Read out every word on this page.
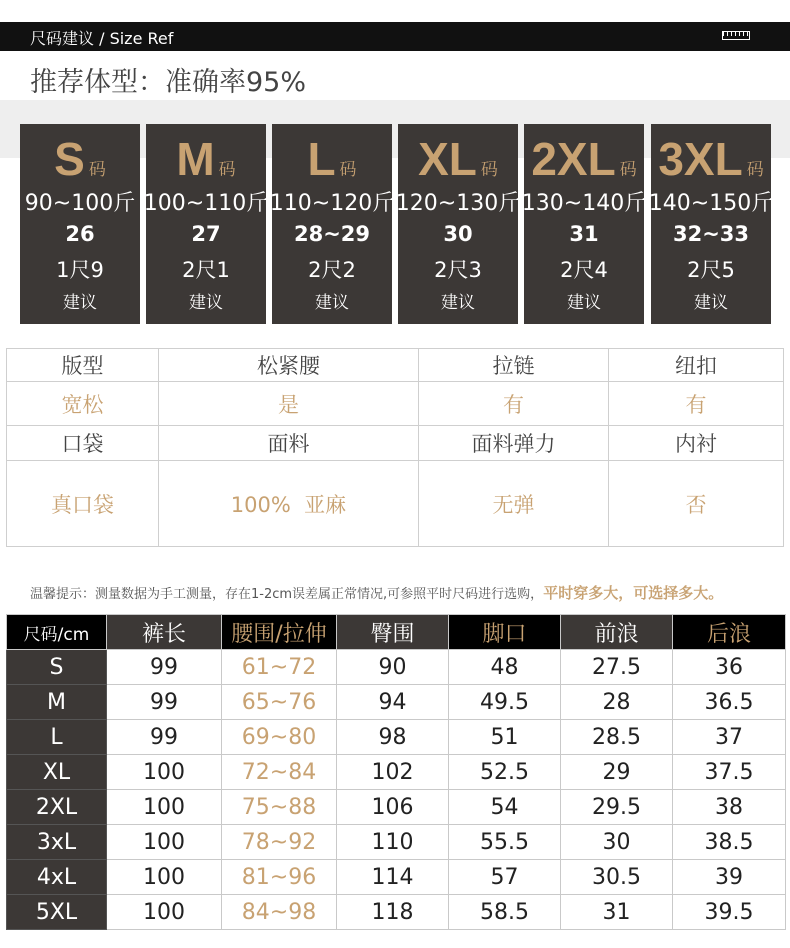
尺码建议 / Size Ref
推荐体型：准确率95%
S码
90~100斤
26
1尺9
建议
M码
100~110斤
27
2尺1
建议
L码
110~120斤
28~29
2尺2
建议
XL 码
120~130斤
30
2尺3
建议
2XL 码
130~140斤
31
2尺4
建议
3XL 码
140~150斤
32~33
2尺5
建议
版型	松紧腰	拉链	纽扣
宽松	是	有	有
口袋	面料	面料弹力	内衬
真口袋	100%  亚麻	无弹	否
温馨提示：测量数据为手工测量，存在1-2cm误差属正常情况,可参照平时尺码进行选购，平时穿多大，可选择多大。
尺码/cm	裤长	腰围/拉伸	臀围	脚口	前浪	后浪
S	99	61~72	90	48	27.5	36
M	99	65~76	94	49.5	28	36.5
L	99	69~80	98	51	28.5	37
XL	100	72~84	102	52.5	29	37.5
2XL	100	75~88	106	54	29.5	38
3xL	100	78~92	110	55.5	30	38.5
4xL	100	81~96	114	57	30.5	39
5XL	100	84~98	118	58.5	31	39.5
